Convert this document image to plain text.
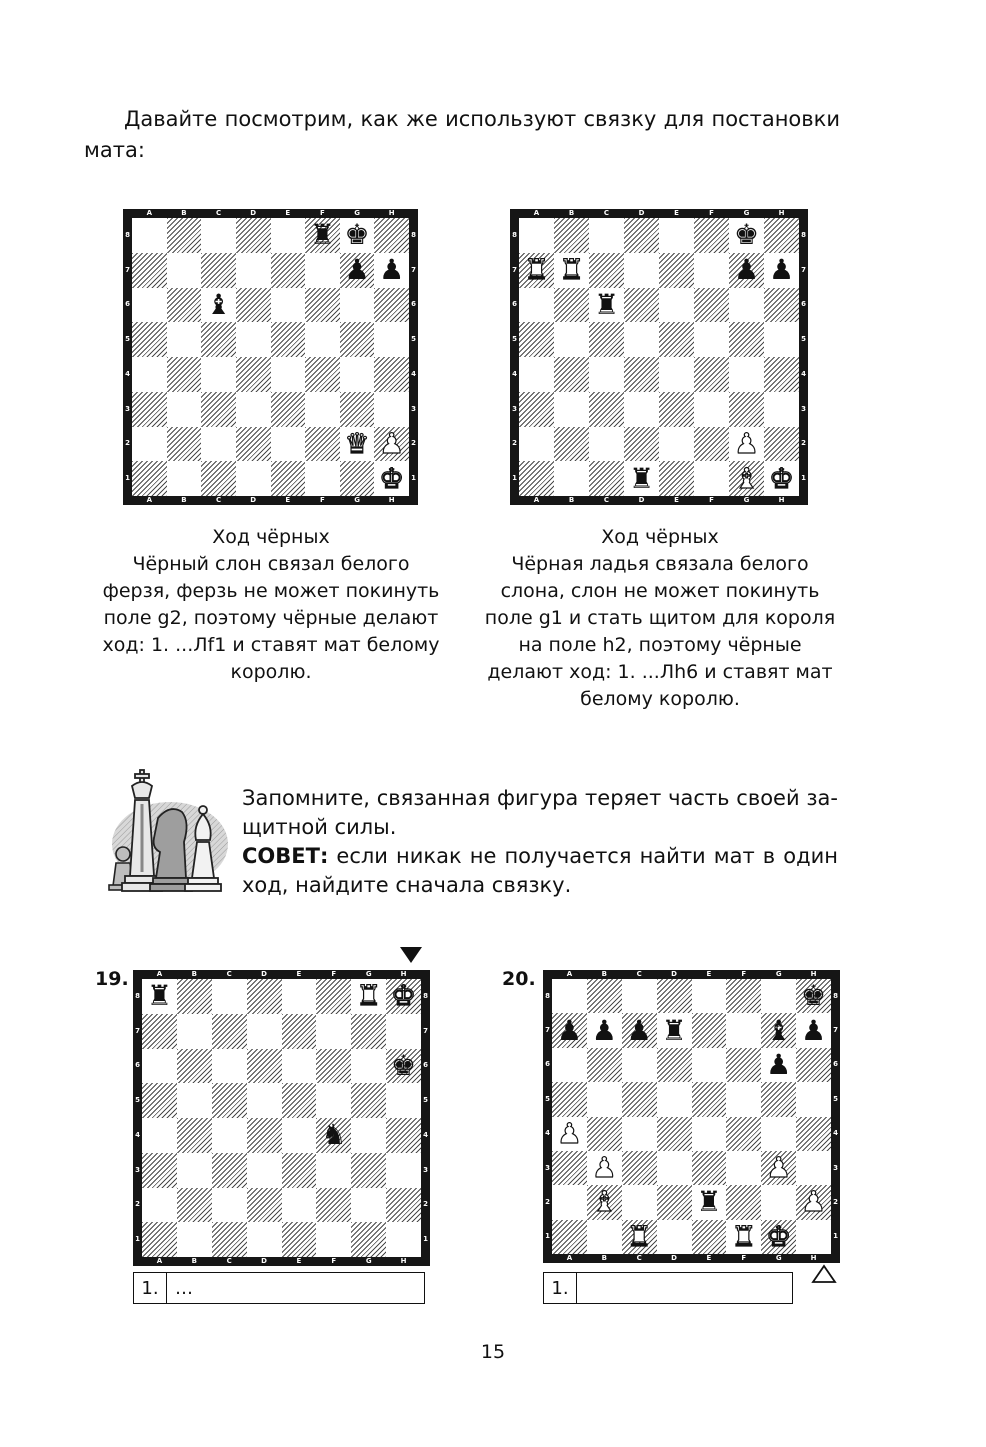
Давайте посмотрим, как же используют связку для постановки
мата:
♜ ♚
♟ ♟
♝
♛ ♟
♚
A
A
B
B
C
C
D
D
E
E
F
F
G
G
H
H
8	8
7	7
6	6
5	5
4	4
3	3
2	2
1	1
♚
♜ ♜	♟ ♟
♜
♟
♜	♝ ♚
A
A
B
B
C
C
D
D
E
E
F
F
G
G
H
H
8	8
7	7
6	6
5	5
4	4
3	3
2	2
1	1
Ход чёрных
Чёрный слон связал белого
ферзя, ферзь не может покинуть
поле g2, поэтому чёрные делают
ход: 1. ...Лf1 и ставят мат белому
королю.
Ход чёрных
Чёрная ладья связала белого
слона, слон не может покинуть
поле g1 и стать щитом для короля
на поле h2, поэтому чёрные
делают ход: 1. ...Лh6 и ставят мат
белому королю.
Запомните, связанная фигура теряет часть своей за-щитной силы.
СОВЕТ: если никак не получается найти мат в один ход, найдите сначала связку.
19.
♜	♜ ♚
♚
♞
A
A
B
B
C
C
D
D
E
E
F
F
G
G
H
H
8	8
7	7
6	6
5	5
4	4
3	3
2	2
1	1
1. …
20.
♚
♟ ♟ ♟ ♜	♝ ♟
♟
♟
♟	♟
♝	♜	♟
♜	♜ ♚
A
A
B
B
C
C
D
D
E
E
F
F
G
G
H
H
8	8
7	7
6	6
5	5
4	4
3	3
2	2
1	1
1.
15
